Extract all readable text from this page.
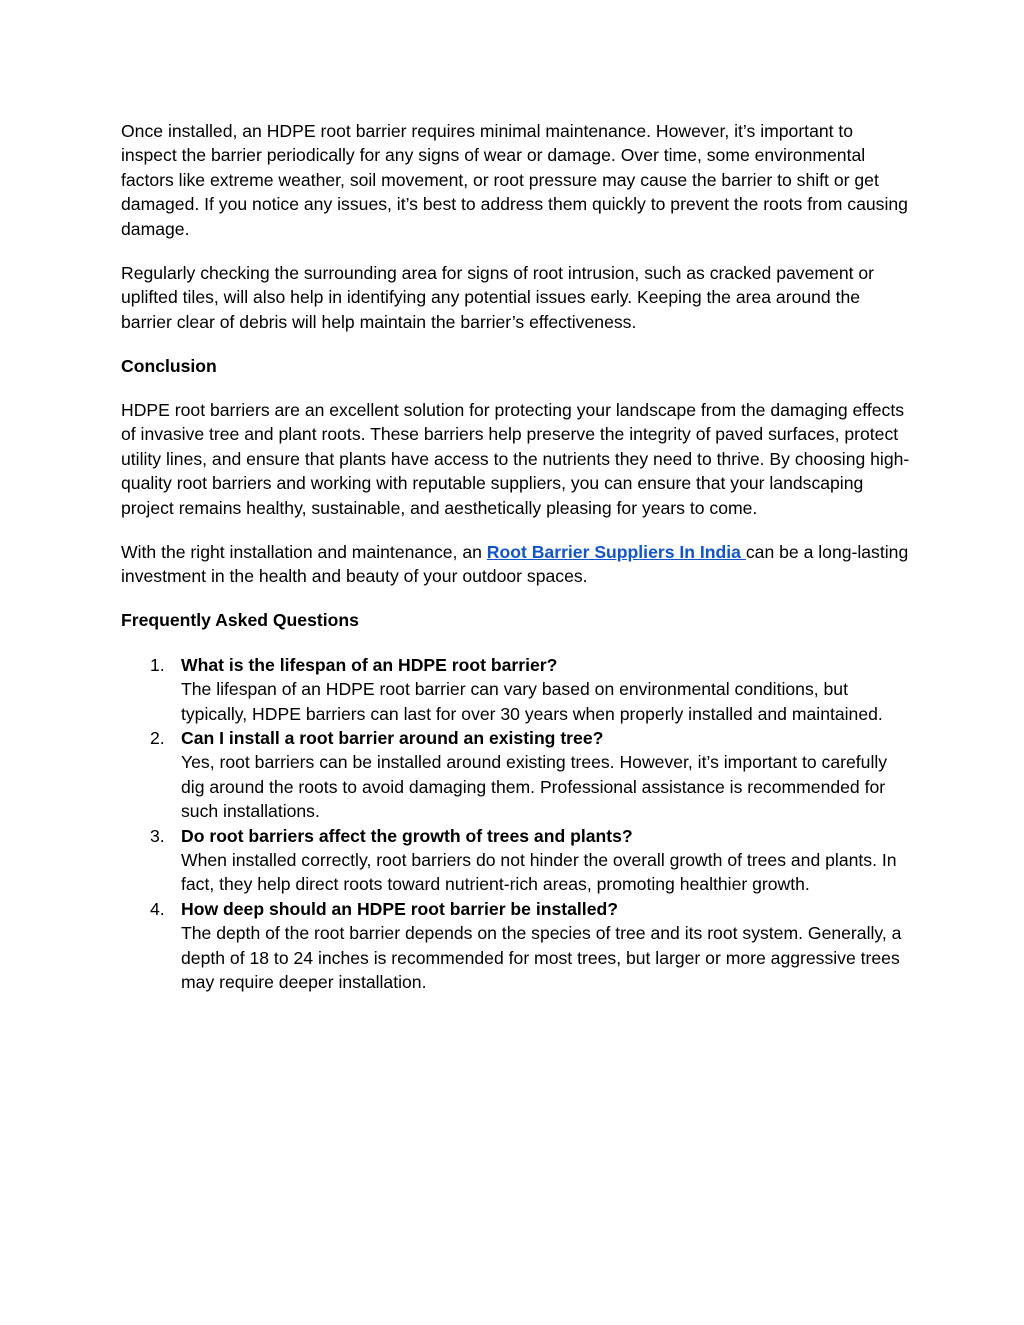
Once installed, an HDPE root barrier requires minimal maintenance. However, it’s important to inspect the barrier periodically for any signs of wear or damage. Over time, some environmental factors like extreme weather, soil movement, or root pressure may cause the barrier to shift or get damaged. If you notice any issues, it’s best to address them quickly to prevent the roots from causing damage.

Regularly checking the surrounding area for signs of root intrusion, such as cracked pavement or uplifted tiles, will also help in identifying any potential issues early. Keeping the area around the barrier clear of debris will help maintain the barrier’s effectiveness.

Conclusion

HDPE root barriers are an excellent solution for protecting your landscape from the damaging effects of invasive tree and plant roots. These barriers help preserve the integrity of paved surfaces, protect utility lines, and ensure that plants have access to the nutrients they need to thrive. By choosing high-quality root barriers and working with reputable suppliers, you can ensure that your landscaping project remains healthy, sustainable, and aesthetically pleasing for years to come.

With the right installation and maintenance, an Root Barrier Suppliers In India can be a long-lasting investment in the health and beauty of your outdoor spaces.

Frequently Asked Questions
1. What is the lifespan of an HDPE root barrier?
The lifespan of an HDPE root barrier can vary based on environmental conditions, but typically, HDPE barriers can last for over 30 years when properly installed and maintained.
2. Can I install a root barrier around an existing tree?
Yes, root barriers can be installed around existing trees. However, it’s important to carefully dig around the roots to avoid damaging them. Professional assistance is recommended for such installations.
3. Do root barriers affect the growth of trees and plants?
When installed correctly, root barriers do not hinder the overall growth of trees and plants. In fact, they help direct roots toward nutrient-rich areas, promoting healthier growth.
4. How deep should an HDPE root barrier be installed?
The depth of the root barrier depends on the species of tree and its root system. Generally, a depth of 18 to 24 inches is recommended for most trees, but larger or more aggressive trees may require deeper installation.
